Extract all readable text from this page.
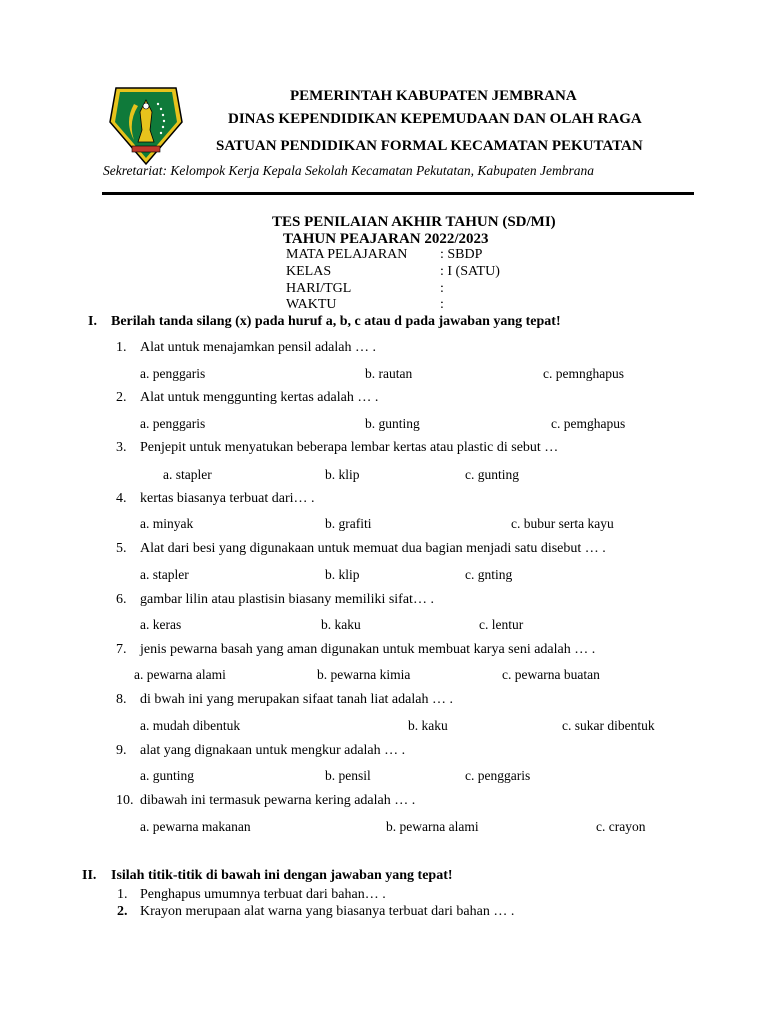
PEMERINTAH KABUPATEN JEMBRANA
DINAS KEPENDIDIKAN KEPEMUDAAN DAN OLAH RAGA
SATUAN PENDIDIKAN FORMAL KECAMATAN PEKUTATAN
Sekretariat: Kelompok Kerja Kepala Sekolah Kecamatan Pekutatan, Kabupaten Jembrana
TES PENILAIAN AKHIR TAHUN (SD/MI)
TAHUN PEAJARAN 2022/2023
MATA PELAJARAN : SBDP
KELAS	: I (SATU)
HARI/TGL	:
WAKTU	:
I. Berilah tanda silang (x) pada huruf a, b, c atau d pada jawaban yang tepat!
1. Alat untuk menajamkan pensil adalah … .
a. penggaris	b. rautan	c. pemnghapus
2. Alat untuk menggunting kertas adalah … .
a. penggaris	b. gunting	c. pemghapus
3. Penjepit untuk menyatukan beberapa lembar kertas atau plastic di sebut …
a. stapler	b. klip	c. gunting
4. kertas biasanya terbuat dari… .
a. minyak	b. grafiti	c. bubur serta kayu
5. Alat dari besi yang digunakaan untuk memuat dua bagian menjadi satu disebut … .
a. stapler	b. klip	c. gnting
6. gambar lilin atau plastisin biasany memiliki sifat… .
a. keras	b. kaku	c. lentur
7. jenis pewarna basah yang aman digunakan untuk membuat karya seni adalah … .
a. pewarna alami	b. pewarna kimia	c. pewarna buatan
8. di bwah ini yang merupakan sifaat tanah liat adalah … .
a. mudah dibentuk	b. kaku	c. sukar dibentuk
9. alat yang dignakaan untuk mengkur adalah … .
a. gunting	b. pensil	c. penggaris
10. dibawah ini termasuk pewarna kering adalah … .
a. pewarna makanan	b. pewarna alami	c. crayon
II. Isilah titik-titik di bawah ini dengan jawaban yang tepat!
1. Penghapus umumnya terbuat dari bahan… .
2. Krayon merupaan alat warna yang biasanya terbuat dari bahan … .
